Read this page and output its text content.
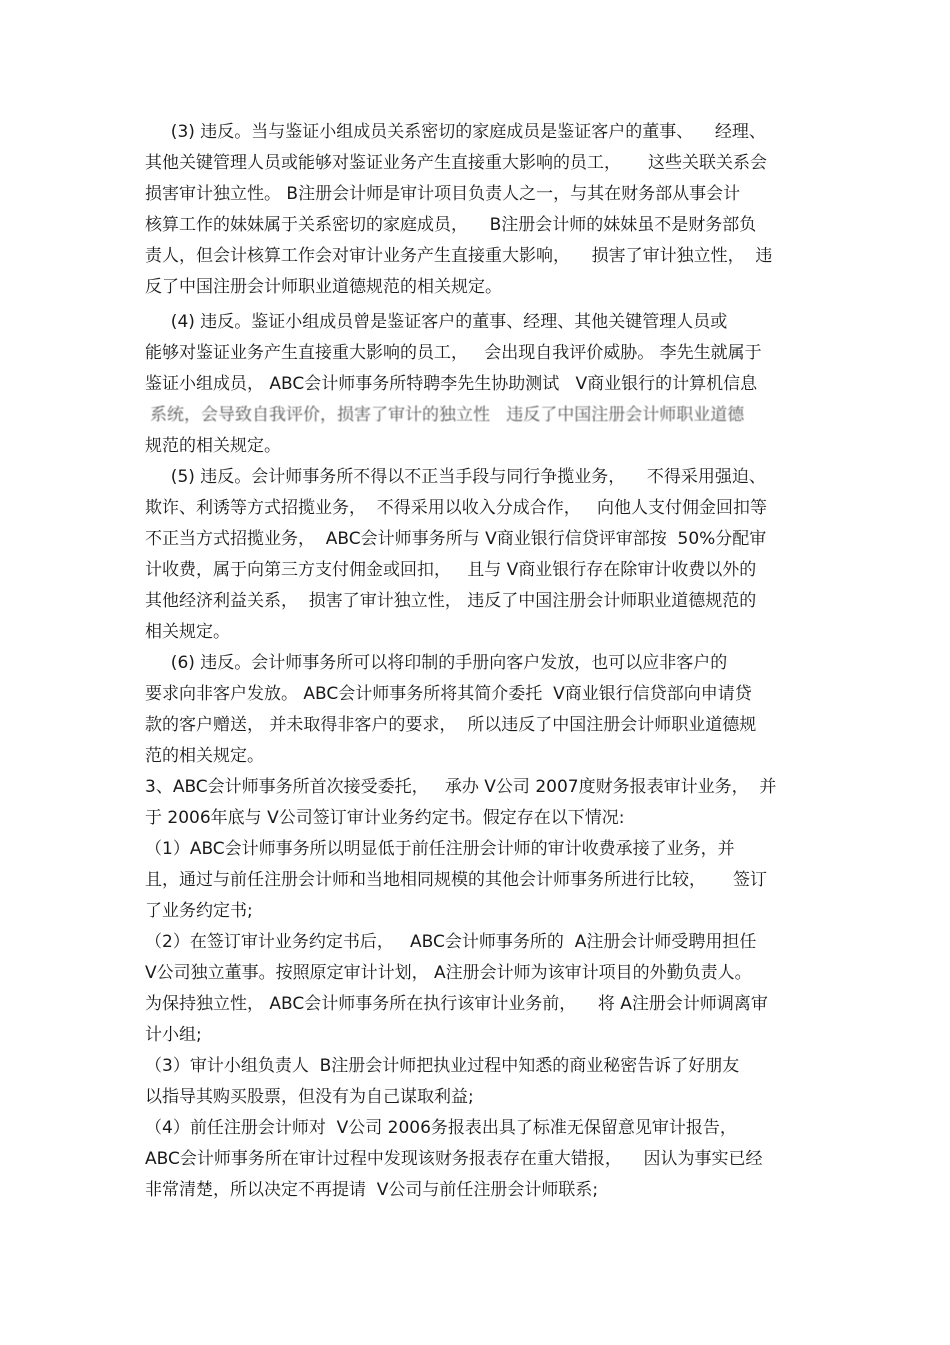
(3) 违反。当与鉴证小组成员关系密切的家庭成员是鉴证客户的董事、    经理、
其他关键管理人员或能够对鉴证业务产生直接重大影响的员工，     这些关联关系会
损害审计独立性。 B注册会计师是审计项目负责人之一，与其在财务部从事会计
核算工作的妹妹属于关系密切的家庭成员，    B注册会计师的妹妹虽不是财务部负
责人，但会计核算工作会对审计业务产生直接重大影响，    损害了审计独立性，  违
反了中国注册会计师职业道德规范的相关规定。
(4) 违反。鉴证小组成员曾是鉴证客户的董事、经理、其他关键管理人员或
能够对鉴证业务产生直接重大影响的员工，   会出现自我评价威胁。 李先生就属于
鉴证小组成员， ABC会计师事务所特聘李先生协助测试   V商业银行的计算机信息
系统，会导致自我评价，损害了审计的独立性   违反了中国注册会计师职业道德
规范的相关规定。
(5) 违反。会计师事务所不得以不正当手段与同行争揽业务，    不得采用强迫、
欺诈、利诱等方式招揽业务，  不得采用以收入分成合作，   向他人支付佣金回扣等
不正当方式招揽业务，  ABC会计师事务所与 V商业银行信贷评审部按  50%分配审
计收费，属于向第三方支付佣金或回扣，   且与 V商业银行存在除审计收费以外的
其他经济利益关系，  损害了审计独立性， 违反了中国注册会计师职业道德规范的
相关规定。
(6) 违反。会计师事务所可以将印制的手册向客户发放，也可以应非客户的
要求向非客户发放。 ABC会计师事务所将其简介委托  V商业银行信贷部向申请贷
款的客户赠送， 并未取得非客户的要求，  所以违反了中国注册会计师职业道德规
范的相关规定。
3、ABC会计师事务所首次接受委托，   承办 V公司 2007度财务报表审计业务，  并
于 2006年底与 V公司签订审计业务约定书。假定存在以下情况:
（1）ABC会计师事务所以明显低于前任注册会计师的审计收费承接了业务，并
且，通过与前任注册会计师和当地相同规模的其他会计师事务所进行比较，     签订
了业务约定书;
（2）在签订审计业务约定书后，   ABC会计师事务所的  A注册会计师受聘用担任
V公司独立董事。按照原定审计计划， A注册会计师为该审计项目的外勤负责人。
为保持独立性， ABC会计师事务所在执行该审计业务前，    将 A注册会计师调离审
计小组;
（3）审计小组负责人  B注册会计师把执业过程中知悉的商业秘密告诉了好朋友
以指导其购买股票，但没有为自己谋取利益;
（4）前任注册会计师对  V公司 2006务报表出具了标准无保留意见审计报告，
ABC会计师事务所在审计过程中发现该财务报表存在重大错报，    因认为事实已经
非常清楚，所以决定不再提请  V公司与前任注册会计师联系;
